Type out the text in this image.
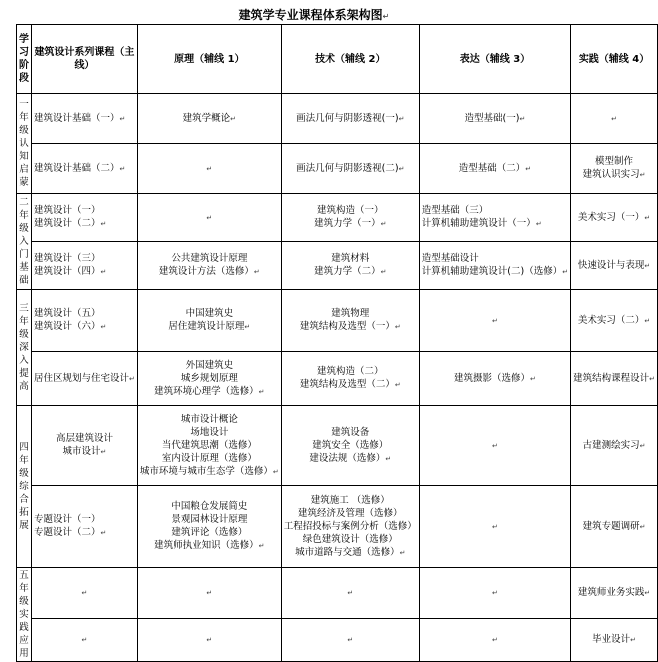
建筑学专业课程体系架构图↵
学习阶段	建筑设计系列课程（主线）	原理（辅线 1）	技术（辅线 2）	表达（辅线 3）	实践（辅线 4）
一年级认知启蒙	建筑设计基础（一）↵	建筑学概论↵	画法几何与阴影透视(一)↵	造型基础(一)↵	↵

	建筑设计基础（二）↵	↵	画法几何与阴影透视(二)↵	造型基础（二）↵	模型制作
建筑认识实习↵

二年级入门基础	建筑设计（一）
建筑设计（二）↵	↵	建筑构造（一）
建筑力学（一）↵	造型基础（三）
计算机辅助建筑设计（一）↵	美术实习（一）↵

	建筑设计（三）
建筑设计（四）↵	公共建筑设计原理
建筑设计方法（选修）↵	建筑材料
建筑力学（二）↵	造型基础设计
计算机辅助建筑设计(二)（选修）↵	快速设计与表现↵

三年级深入提高	建筑设计（五）
建筑设计（六）↵	中国建筑史
居住建筑设计原理↵	建筑物理
建筑结构及选型（一）↵	↵	美术实习（二）↵

	居住区规划与住宅设计↵	外国建筑史
城乡规划原理
建筑环境心理学（选修）↵	建筑构造（二）
建筑结构及选型（二）↵	建筑摄影（选修）↵	建筑结构课程设计↵

四年级综合拓展	高层建筑设计
城市设计↵	城市设计概论
场地设计
当代建筑思潮（选修）
室内设计原理（选修）
城市环境与城市生态学（选修）↵	建筑设备
建筑安全（选修）
建设法规（选修）↵	↵	古建测绘实习↵

	专题设计（一）
专题设计（二）↵	中国粮仓发展简史
景观园林设计原理
建筑评论（选修）
建筑师执业知识（选修）↵	建筑施工 （选修）
建筑经济及管理（选修）
工程招投标与案例分析（选修）
绿色建筑设计（选修）
城市道路与交通（选修）↵	↵	建筑专题调研↵

五年级实践应用	↵	↵	↵	↵	建筑师业务实践↵

	↵	↵	↵	↵	毕业设计↵
